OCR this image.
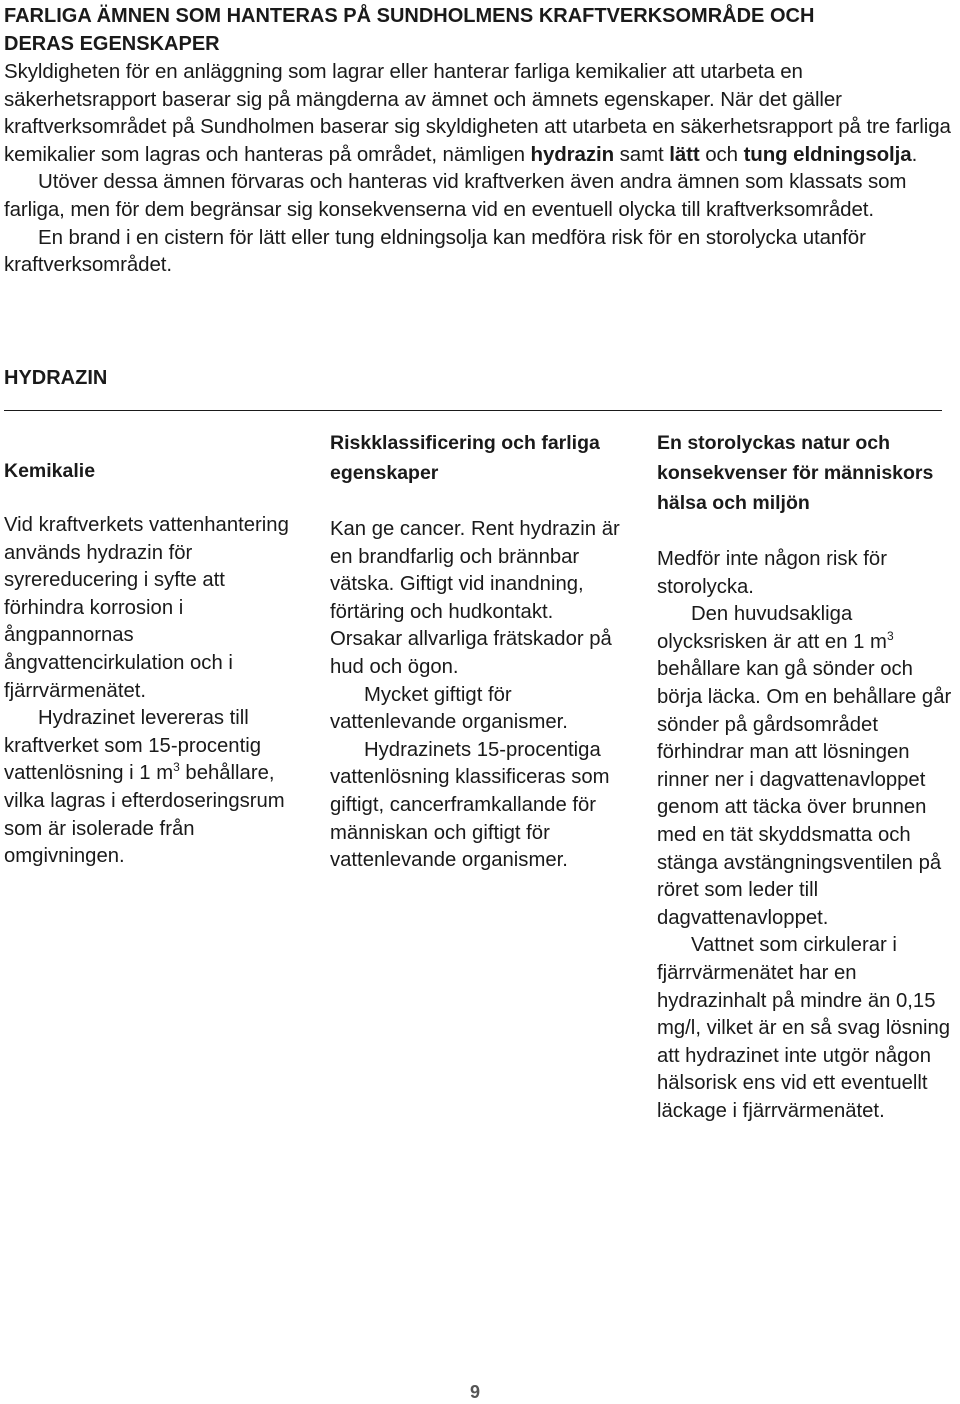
FARLIGA ÄMNEN SOM HANTERAS PÅ SUNDHOLMENS KRAFTVERKSOMRÅDE OCH
DERAS EGENSKAPER

Skyldigheten för en anläggning som lagrar eller hanterar farliga kemikalier att utarbeta en säkerhetsrapport baserar sig på mängderna av ämnet och ämnets egenskaper. När det gäller kraftverksområdet på Sundholmen baserar sig skyldigheten att utarbeta en säkerhetsrapport på tre farliga kemikalier som lagras och hanteras på området, nämligen hydrazin samt lätt och tung eldningsolja.

Utöver dessa ämnen förvaras och hanteras vid kraftverken även andra ämnen som klassats som farliga, men för dem begränsar sig konsekvenserna vid en eventuell olycka till kraftverksområdet.

En brand i en cistern för lätt eller tung eldningsolja kan medföra risk för en storolycka utanför kraftverksområdet.

HYDRAZIN
Kemikalie

Vid kraftverkets vattenhantering används hydrazin för syrereducering i syfte att förhindra korrosion i ångpannornas ångvattencirkulation och i fjärrvärmenätet.

Hydrazinet levereras till kraftverket som 15-procentig vattenlösning i 1 $m^3$ behållare, vilka lagras i efterdoseringsrum som är isolerade från omgivningen.

Riskklassificering och farliga egenskaper

Kan ge cancer. Rent hydrazin är en brandfarlig och brännbar vätska. Giftigt vid inandning, förtäring och hudkontakt. Orsakar allvarliga frätskador på hud och ögon.

Mycket giftigt för vattenlevande organismer.

Hydrazinets 15-procentiga vattenlösning klassificeras som giftigt, cancerframkallande för människan och giftigt för vattenlevande organismer.

En storolyckas natur och konsekvenser för människors hälsa och miljön

Medför inte någon risk för storolycka.

Den huvudsakliga olycksrisken är att en 1 $m^3$ behållare kan gå sönder och börja läcka. Om en behållare går sönder på gårdsområdet förhindrar man att lösningen rinner ner i dagvattenavloppet genom att täcka över brunnen med en tät skyddsmatta och stänga avstängningsventilen på röret som leder till dagvattenavloppet.

Vattnet som cirkulerar i fjärrvärmenätet har en hydrazinhalt på mindre än 0,15 mg/l, vilket är en så svag lösning att hydrazinet inte utgör någon hälsorisk ens vid ett eventuellt läckage i fjärrvärmenätet.

9
